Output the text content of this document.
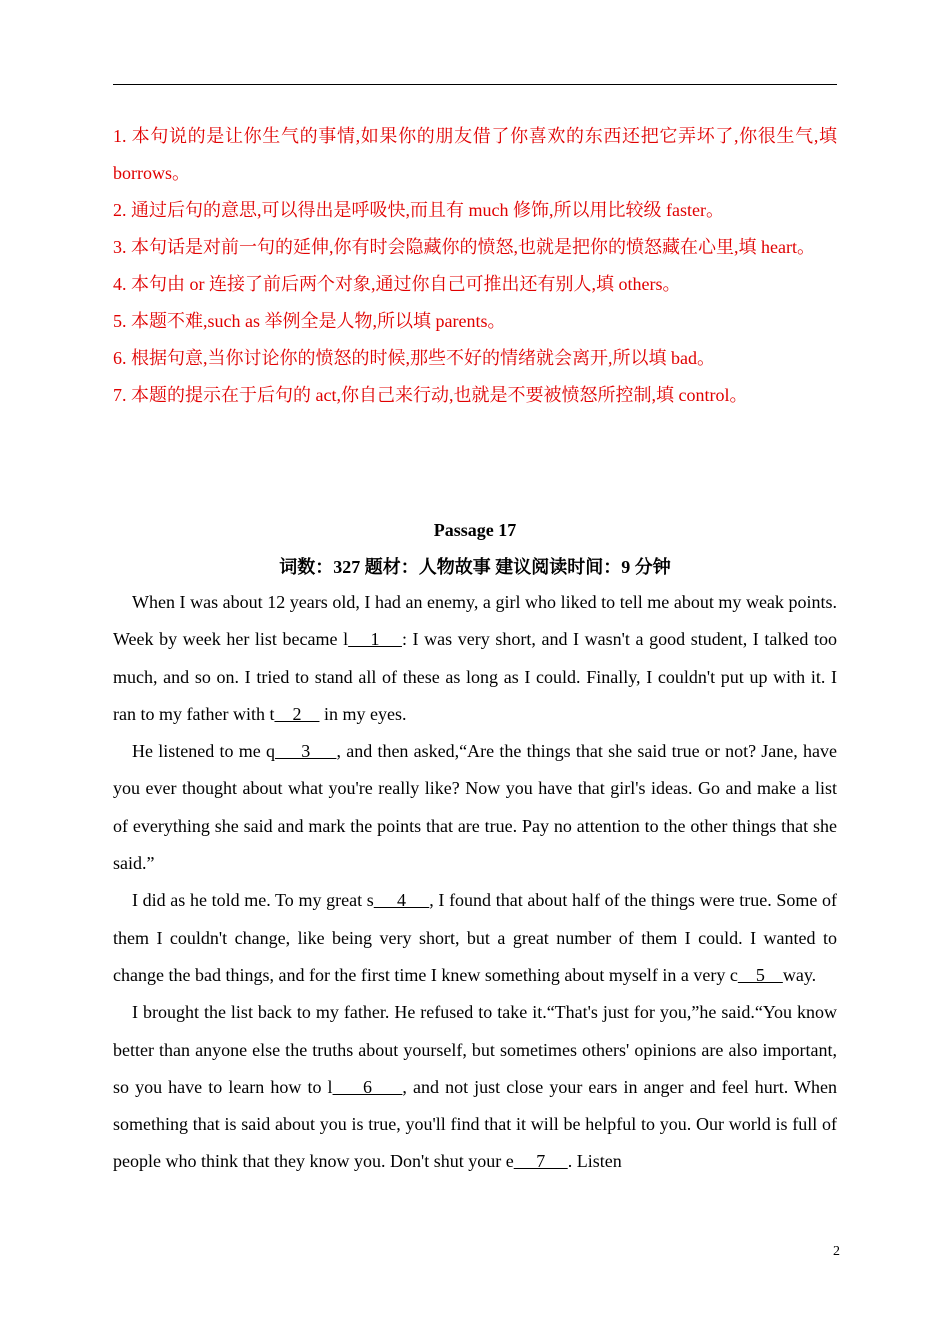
1. 本句说的是让你生气的事情,如果你的朋友借了你喜欢的东西还把它弄坏了,你很生气,填 borrows。

2. 通过后句的意思,可以得出是呼吸快,而且有 much 修饰,所以用比较级 faster。

3. 本句话是对前一句的延伸,你有时会隐藏你的愤怒,也就是把你的愤怒藏在心里,填 heart。

4. 本句由 or 连接了前后两个对象,通过你自己可推出还有别人,填 others。

5. 本题不难,such as 举例全是人物,所以填 parents。

6. 根据句意,当你讨论你的愤怒的时候,那些不好的情绪就会离开,所以填 bad。

7. 本题的提示在于后句的 act,你自己来行动,也就是不要被愤怒所控制,填 control。

Passage 17
词数：327 题材：人物故事 建议阅读时间：9 分钟

When I was about 12 years old, I had an enemy, a girl who liked to tell me about my weak points. Week by week her list became l    1    : I was very short, and I wasn't a good student, I talked too much, and so on. I tried to stand all of these as long as I could. Finally, I couldn't put up with it. I ran to my father with t    2     in my eyes.

He listened to me q     3     , and then asked,“Are the things that she said true or not? Jane, have you ever thought about what you're really like? Now you have that girl's ideas. Go and make a list of everything she said and mark the points that are true. Pay no attention to the other things that she said.”

I did as he told me. To my great s     4     , I found that about half of the things were true. Some of them I couldn't change, like being very short, but a great number of them I could. I wanted to change the bad things, and for the first time I knew something about myself in a very c    5    way.

I brought the list back to my father. He refused to take it.“That's just for you,”he said.“You know better than anyone else the truths about yourself, but sometimes others' opinions are also important, so you have to learn how to l     6     , and not just close your ears in anger and feel hurt. When something that is said about you is true, you'll find that it will be helpful to you. Our world is full of people who think that they know you. Don't shut your e     7     . Listen

2
